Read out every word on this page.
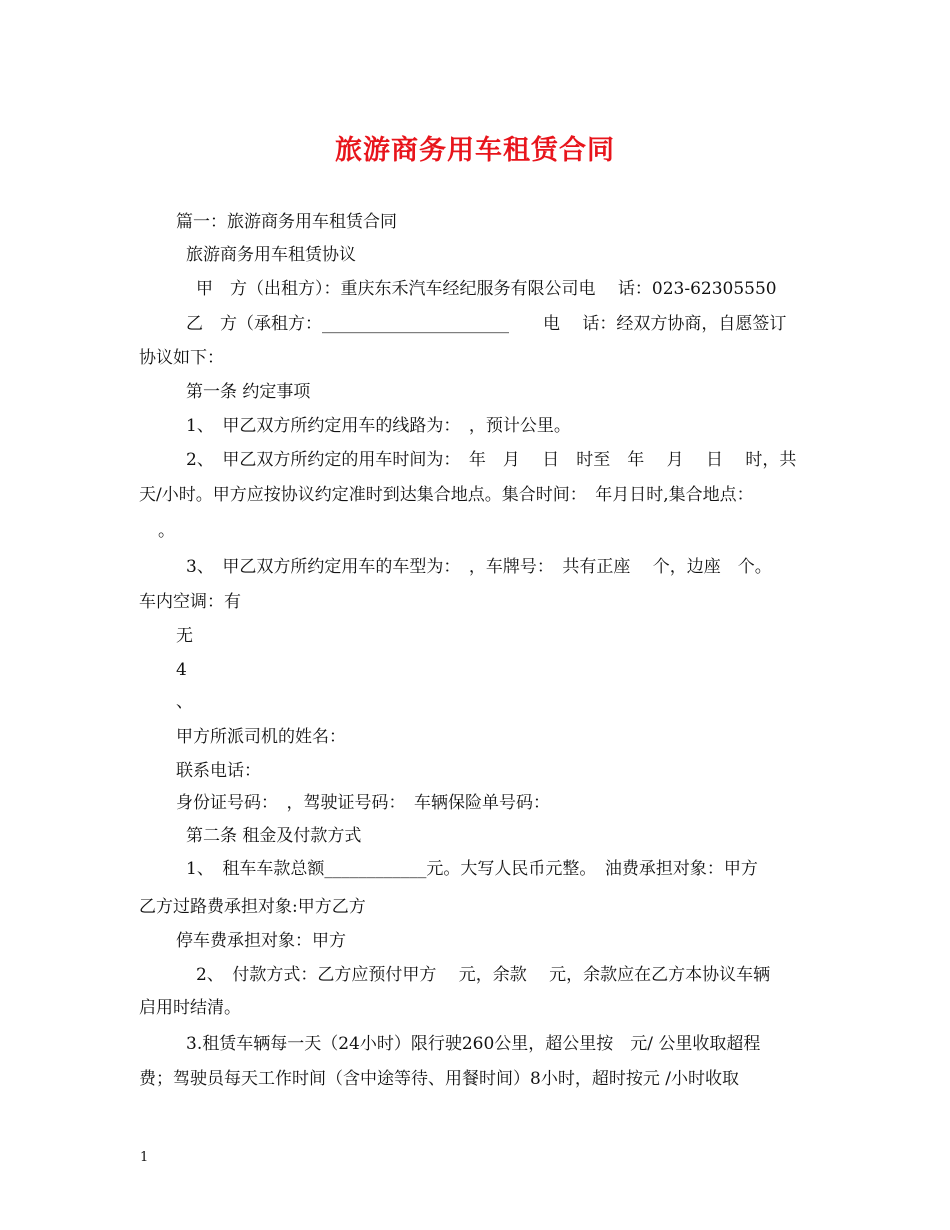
旅游商务用车租赁合同
篇一：旅游商务用车租赁合同
旅游商务用车租赁协议
甲　方（出租方）：重庆东禾汽车经纪服务有限公司电　 话：023-62305550
乙　方（承租方：______________________　　电　 话：经双方协商，自愿签订
协议如下：
第一条 约定事项
1、　甲乙双方所约定用车的线路为：　，预计公里。
2、　甲乙双方所约定的用车时间为：　年　月　 日　时至　年　 月　 日　 时，共
天/小时。甲方应按协议约定准时到达集合地点。集合时间：　年月日时,集合地点：
。
3、　甲乙双方所约定用车的车型为：　，车牌号：　共有正座　 个，边座　个。
车内空调：有
无
4
、
甲方所派司机的姓名：
联系电话：
身份证号码：　，驾驶证号码：　车辆保险单号码：
第二条 租金及付款方式
1、　租车车款总额____________元。大写人民币元整。　油费承担对象：甲方
乙方过路费承担对象:甲方乙方
停车费承担对象：甲方
2、　付款方式：乙方应预付甲方　 元，余款　 元，余款应在乙方本协议车辆
启用时结清。
3.租赁车辆每一天（24小时）限行驶260公里，超公里按　元/ 公里收取超程
费；驾驶员每天工作时间（含中途等待、用餐时间）8小时，超时按元 /小时收取
1
